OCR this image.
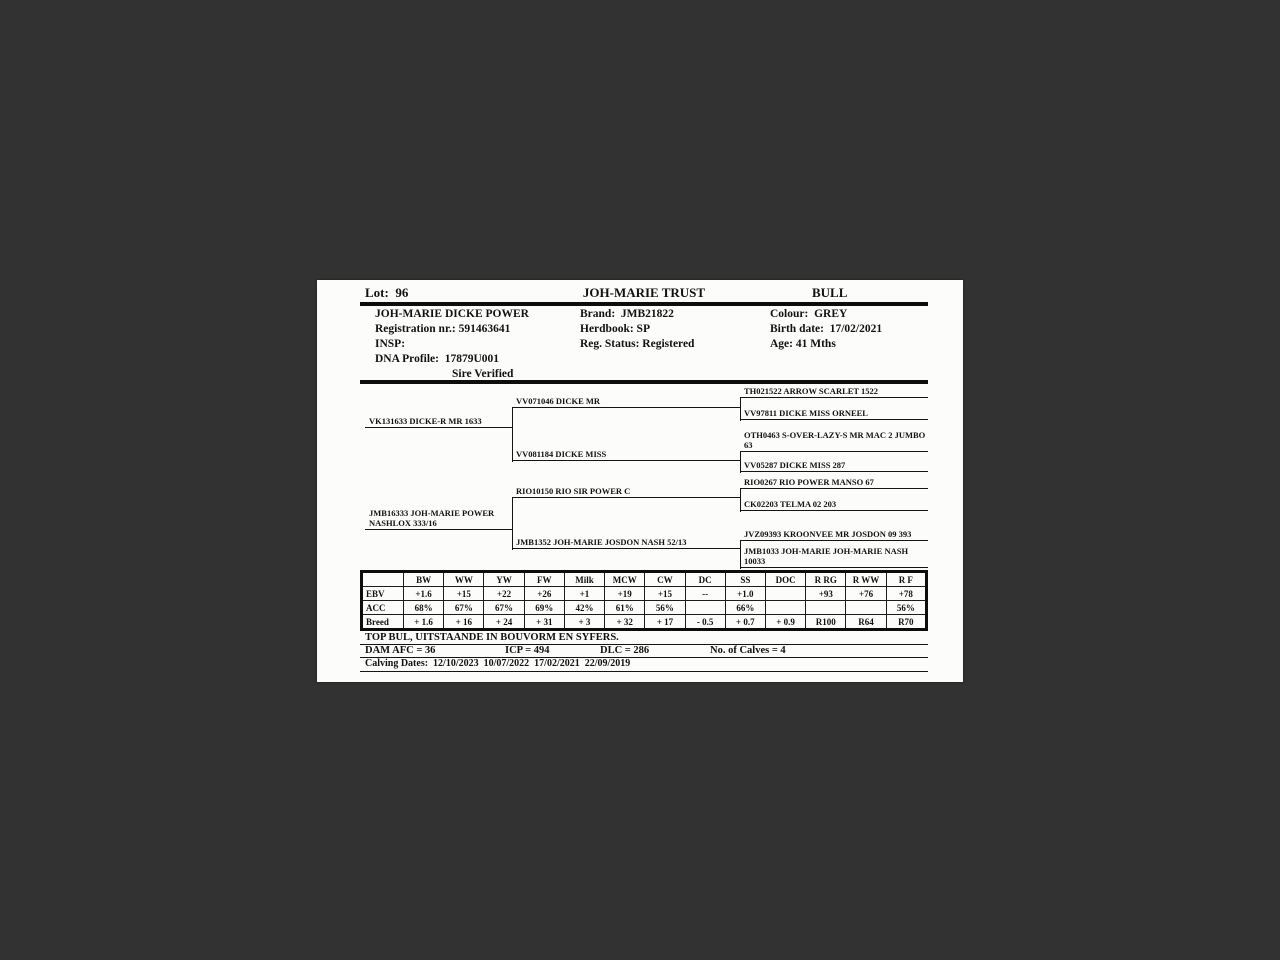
Lot:  96	JOH-MARIE TRUST	BULL
JOH-MARIE DICKE POWER
Registration nr.: 591463641
INSP:
DNA Profile:  17879U001
Sire Verified
Brand:  JMB21822
Herdbook: SP
Reg. Status: Registered
Colour:  GREY
Birth date:  17/02/2021
Age: 41 Mths
VK131633 DICKE-R MR 1633
JMB16333 JOH-MARIE POWER NASHLOX 333/16
VV071046 DICKE MR
VV081184 DICKE MISS
RIO10150 RIO SIR POWER C
JMB1352 JOH-MARIE JOSDON NASH 52/13
TH021522 ARROW SCARLET 1522
VV97811 DICKE MISS ORNEEL
OTH0463 S-OVER-LAZY-S MR MAC 2 JUMBO 63
VV05287 DICKE MISS 287
RIO0267 RIO POWER MANSO 67
CK02203 TELMA 02 203
JVZ09393 KROONVEE MR JOSDON 09 393
JMB1033 JOH-MARIE JOH-MARIE NASH 10033
	BW	WW	YW	FW	Milk	MCW	CW	DC	SS	DOC	R RG	R WW	R F
EBV	+1.6	+15	+22	+26	+1	+19	+15	--	+1.0		+93	+76	+78
ACC	68%	67%	67%	69%	42%	61%	56%		66%				56%
Breed	+ 1.6	+ 16	+ 24	+ 31	+ 3	+ 32	+ 17	- 0.5	+ 0.7	+ 0.9	R100	R64	R70
TOP BUL, UITSTAANDE IN BOUVORM EN SYFERS.
DAM AFC = 36	ICP = 494	DLC = 286	No. of Calves = 4
Calving Dates:  12/10/2023  10/07/2022  17/02/2021  22/09/2019
